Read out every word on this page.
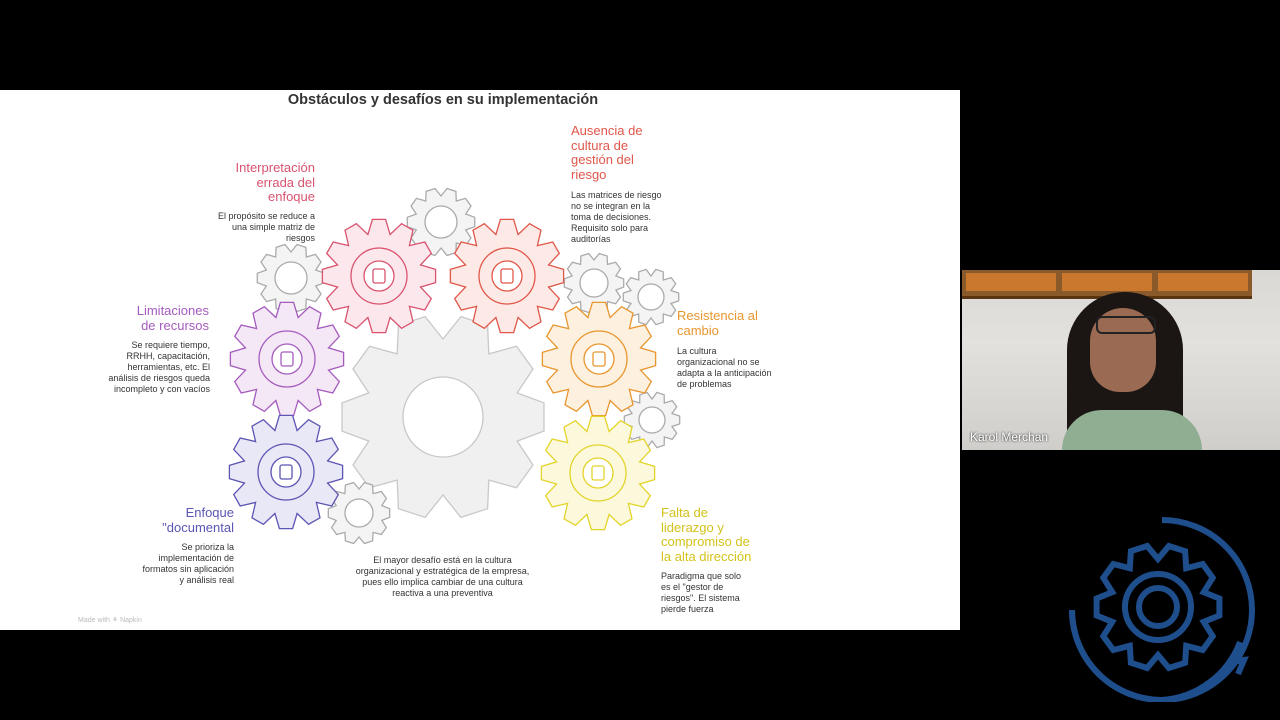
Obstáculos y desafíos en su implementación
Interpretación errada del enfoque
El propósito se reduce a una simple matriz de riesgos
Limitaciones de recursos
Se requiere tiempo, RRHH, capacitación, herramientas, etc. El análisis de riesgos queda incompleto y con vacíos
Enfoque "documental
Se prioriza la implementación de formatos sin aplicación y análisis real
Ausencia de cultura de gestión del riesgo
Las matrices de riesgo no se integran en la toma de decisiones. Requisito solo para auditorías
Resistencia al cambio
La cultura organizacional no se adapta a la anticipación de problemas
Falta de liderazgo y compromiso de la alta dirección
Paradigma que solo es el "gestor de riesgos". El sistema pierde fuerza
El mayor desafío está en la cultura organizacional y estratégica de la empresa, pues ello implica cambiar de una cultura reactiva a una preventiva
Made with ⚘ Napkin
Karol Merchan
